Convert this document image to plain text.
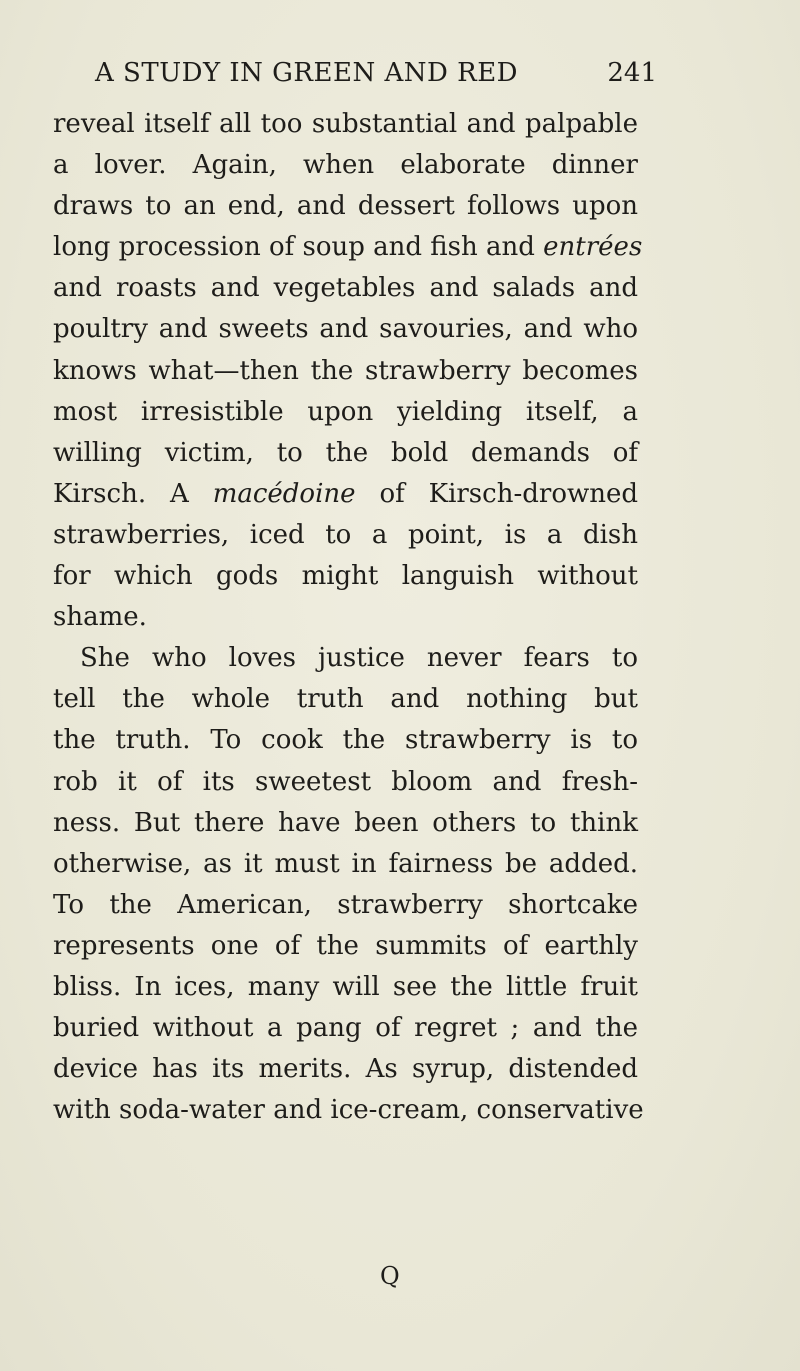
A STUDY IN GREEN AND RED	241
reveal itself all too substantial and palpable
a lover. Again, when elaborate dinner
draws to an end, and dessert follows upon
long procession of soup and fish and entrées
and roasts and vegetables and salads and
poultry and sweets and savouries, and who
knows what—then the strawberry becomes
most irresistible upon yielding itself, a
willing victim, to the bold demands of
Kirsch. A macédoine of Kirsch-drowned
strawberries, iced to a point, is a dish
for which gods might languish without
shame.
She who loves justice never fears to
tell the whole truth and nothing but
the truth. To cook the strawberry is to
rob it of its sweetest bloom and fresh-
ness. But there have been others to think
otherwise, as it must in fairness be added.
To the American, strawberry shortcake
represents one of the summits of earthly
bliss. In ices, many will see the little fruit
buried without a pang of regret ; and the
device has its merits. As syrup, distended
with soda-water and ice-cream, conservative
Q
